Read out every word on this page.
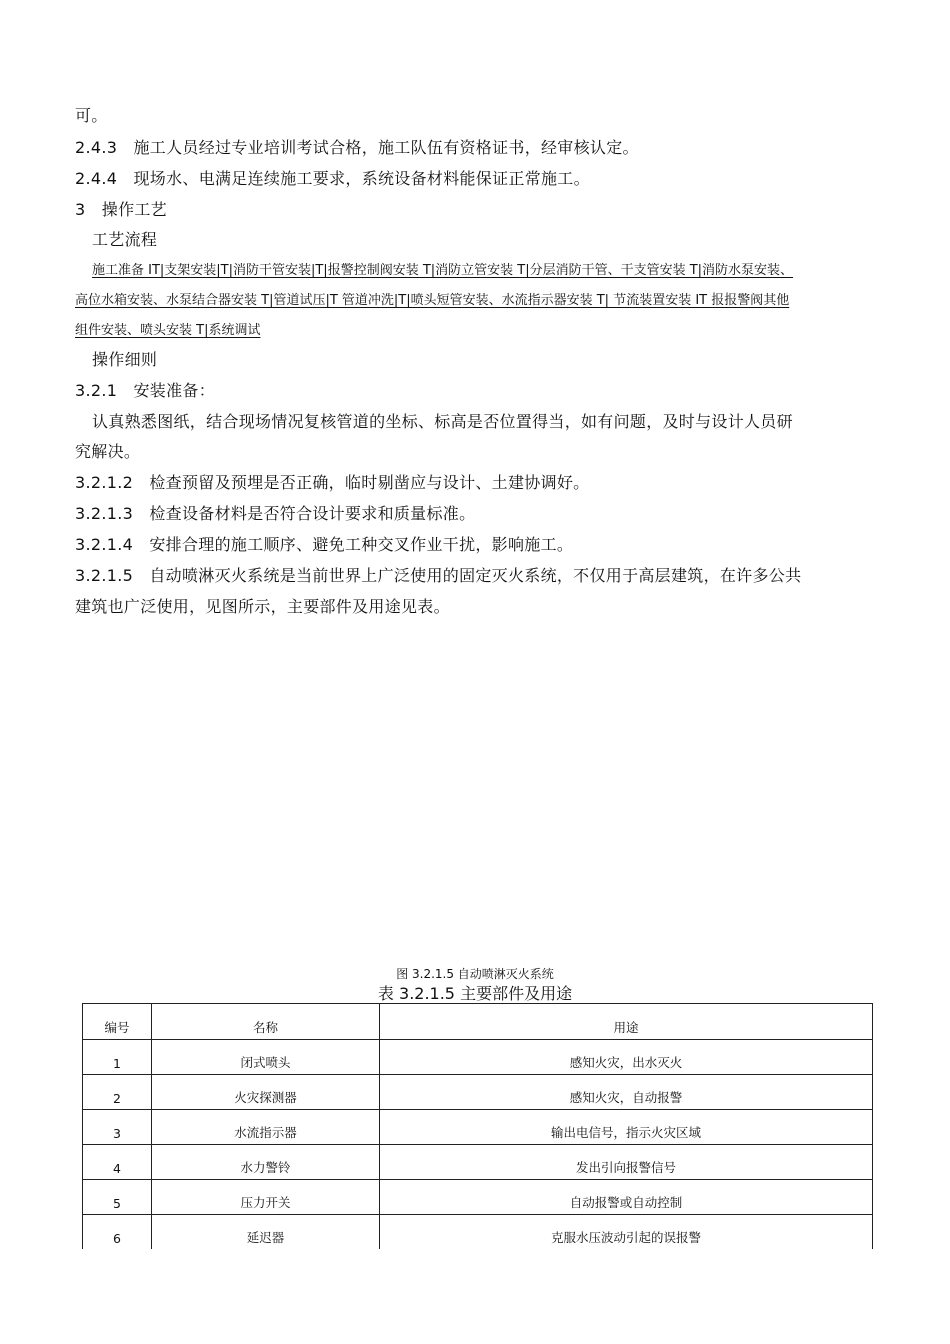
可。
2.4.3　施工人员经过专业培训考试合格，施工队伍有资格证书，经审核认定。
2.4.4　现场水、电满足连续施工要求，系统设备材料能保证正常施工。
3　操作工艺
工艺流程
施工准备 IT|支架安装|T|消防干管安装|T|报警控制阀安装 T|消防立管安装 T|分层消防干管、干支管安装 T|消防水泵安装、
高位水箱安装、水泵结合器安装 T|管道试压|T 管道冲洗|T|喷头短管安装、水流指示器安装 T| 节流装置安装 IT 报报警阀其他
组件安装、喷头安装 T|系统调试
操作细则
3.2.1　安装准备：
认真熟悉图纸，结合现场情况复核管道的坐标、标高是否位置得当，如有问题，及时与设计人员研
究解决。
3.2.1.2　检查预留及预埋是否正确，临时剔凿应与设计、土建协调好。
3.2.1.3　检查设备材料是否符合设计要求和质量标准。
3.2.1.4　安排合理的施工顺序、避免工种交叉作业干扰，影响施工。
3.2.1.5　自动喷淋灭火系统是当前世界上广泛使用的固定灭火系统，不仅用于高层建筑，在许多公共
建筑也广泛使用，见图所示，主要部件及用途见表。
图 3.2.1.5 自动喷淋灭火系统
表 3.2.1.5 主要部件及用途
编号	名称	用途
1	闭式喷头	感知火灾，出水灭火
2	火灾探测器	感知火灾，自动报警
3	水流指示器	输出电信号，指示火灾区域
4	水力警铃	发出引向报警信号
5	压力开关	自动报警或自动控制
6	延迟器	克服水压波动引起的误报警
